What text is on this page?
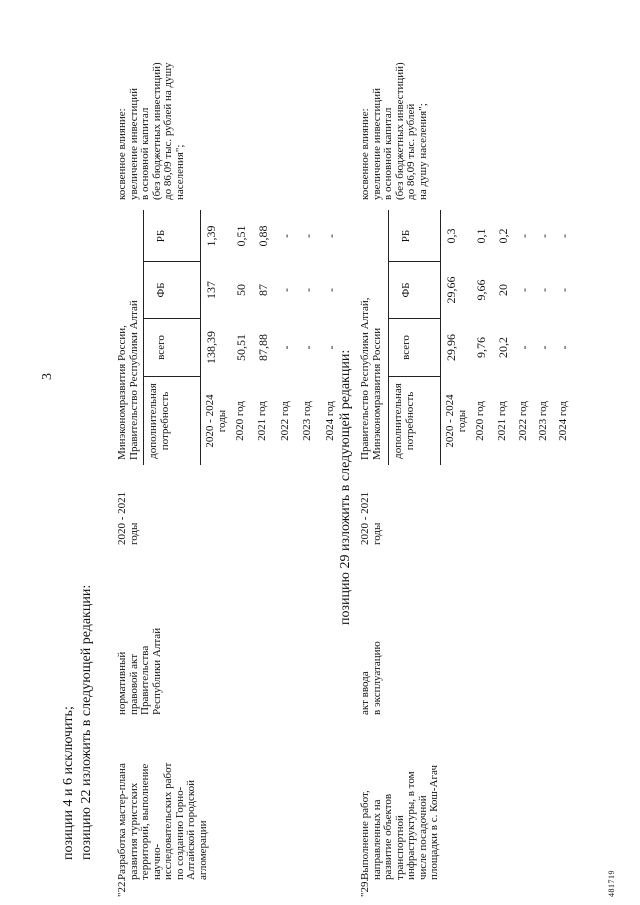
3
позиции 4 и 6 исключить; позицию 22 изложить в следующей редакции:
"22.
Разработка мастер-плана
развития туристских
территорий, выполнение
научно-
исследовательских работ
по созданию Горно-
Алтайской городской
агломерации
нормативный
правовой акт
Правительства
Республики Алтай
2020 - 2021
годы
Минэкономразвития России,
Правительство Республики Алтай
дополнительная
потребность
всего
ФБ
РБ
2020 - 2024
годы
138,39
137
1,39
2020 год
50,51
50
0,51
2021 год
87,88
87
0,88
2022 год
-
-
-
2023 год
-
-
-
2024 год
-
-
-
косвенное влияние:
увеличение инвестиций
в основной капитал
(без бюджетных инвестиций)
до 86,09 тыс. рублей на душу
населения";
позицию 29 изложить в следующей редакции:
"29.
Выполнение работ,
направленных на
развитие объектов
транспортной
инфраструктуры, в том
числе посадочной
площадки в с. Кош-Агач
акт ввода
в эксплуатацию
2020 - 2021
годы
Правительство Республики Алтай,
Минэкономразвития России
дополнительная
потребность
всего
ФБ
РБ
2020 - 2024
годы
29,96
29,66
0,3
2020 год
9,76
9,66
0,1
2021 год
20,2
20
0,2
2022 год
-
-
-
2023 год
-
-
-
2024 год
-
-
-
косвенное влияние:
увеличение инвестиций
в основной капитал
(без бюджетных инвестиций)
до 86,09 тыс. рублей
на душу населения";
481719
